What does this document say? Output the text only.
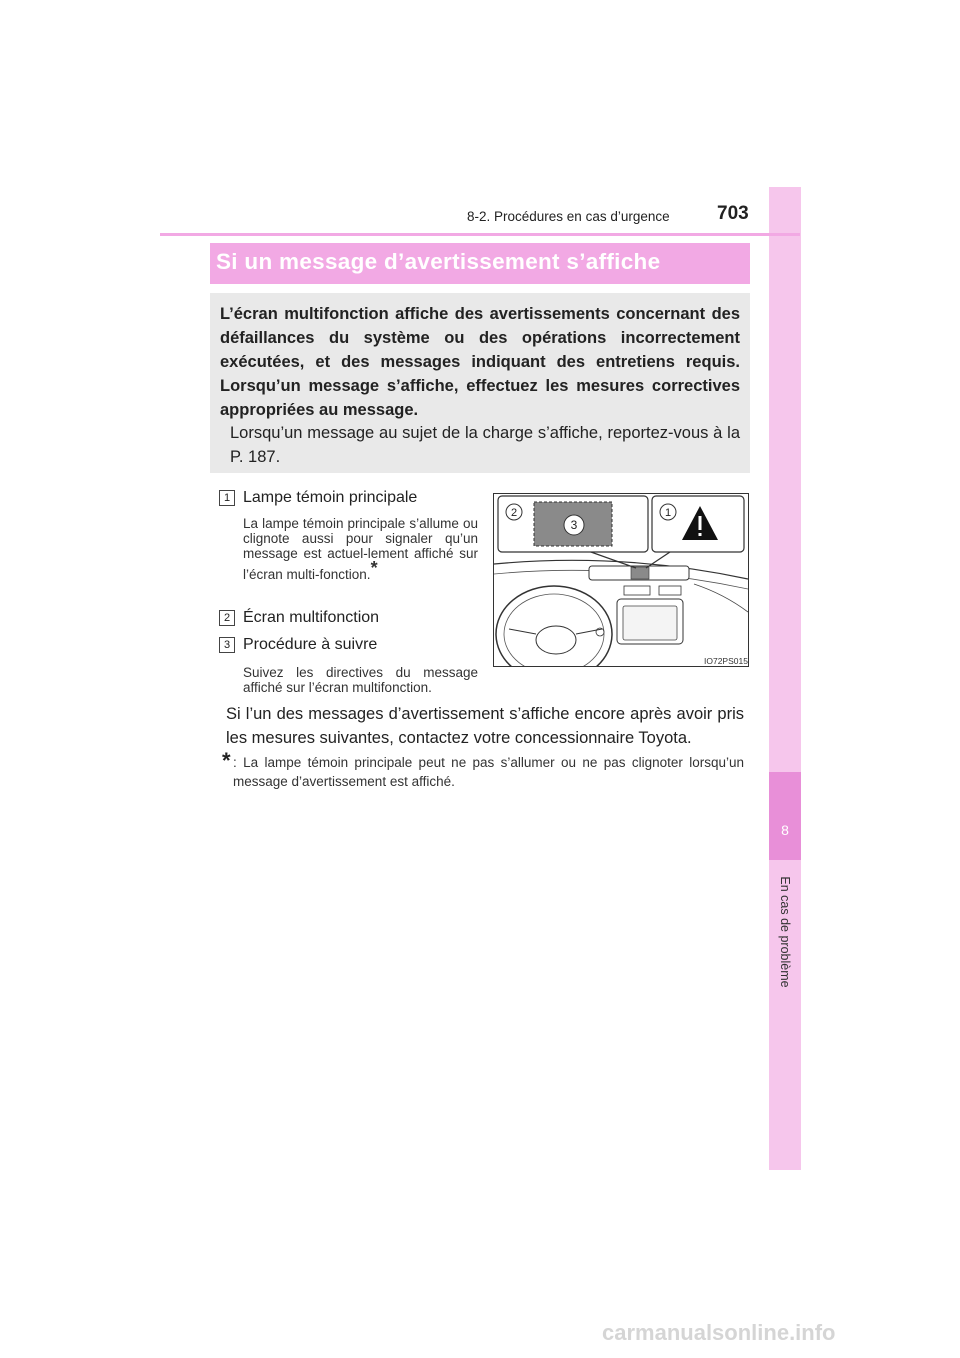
8
En cas de problème
8-2. Procédures en cas d’urgence 703
Si un message d’avertissement s’affiche
L’écran multifonction affiche des avertissements concernant des défaillances du système ou des opérations incorrectement exécutées, et des messages indiquant des entretiens requis. Lorsqu’un message s’affiche, effectuez les mesures correctives appropriées au message.
Lorsqu’un message au sujet de la charge s’affiche, reportez-vous à la P. 187.
1 Lampe témoin principale
La lampe témoin principale s’allume ou clignote aussi pour signaler qu’un message est actuel-lement affiché sur l’écran multi-fonction.*
2 Écran multifonction
3 Procédure à suivre
Suivez les directives du message affiché sur l’écran multifonction.
2	1
3
IO72PS015
Si l’un des messages d’avertissement s’affiche encore après avoir pris les mesures suivantes, contactez votre concessionnaire Toyota.
* : La lampe témoin principale peut ne pas s’allumer ou ne pas clignoter lorsqu’un message d’avertissement est affiché.
carmanualsonline.info
